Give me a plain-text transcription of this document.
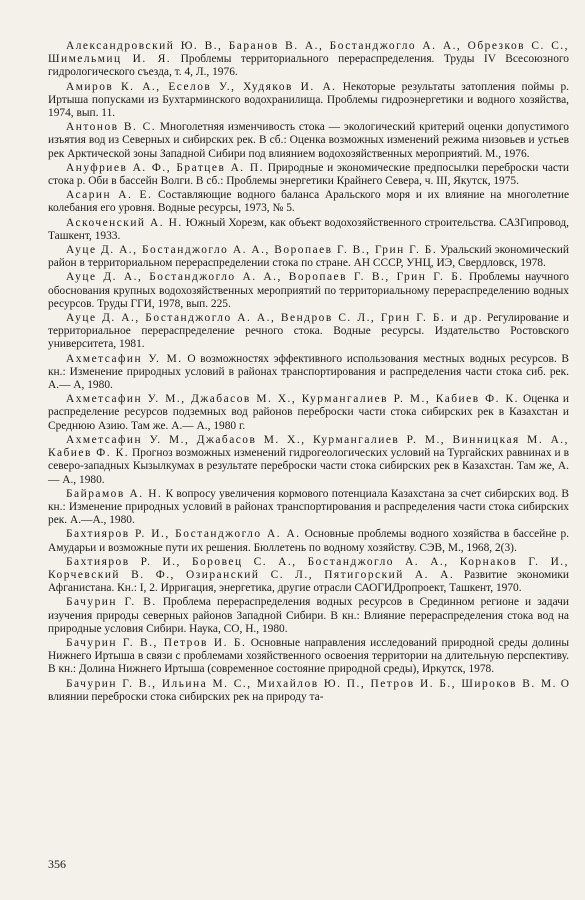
Александровский Ю. В., Баранов В. А., Бостанджогло А. А., Обрезков С. С., Шимельмиц И. Я. Проблемы территориального перераспределения. Труды IV Всесоюзного гидрологического съезда, т. 4, Л., 1976.

Амиров К. А., Еселов У., Худяков И. А. Некоторые результаты затопления поймы р. Иртыша попусками из Бухтарминского водохранилища. Проблемы гидроэнергетики и водного хозяйства, 1974, вып. 11.

Антонов В. С. Многолетняя изменчивость стока — экологический критерий оценки допустимого изъятия вод из Северных и сибирских рек. В сб.: Оценка возможных изменений режима низовьев и устьев рек Арктической зоны Западной Сибири под влиянием водохозяйственных мероприятий. М., 1976.

Ануфриев А. Ф., Братцев А. П. Природные и экономические предпосылки переброски части стока р. Оби в бассейн Волги. В сб.: Проблемы энергетики Крайнего Севера, ч. III, Якутск, 1975.

Асарин А. Е. Составляющие водного баланса Аральского моря и их влияние на многолетние колебания его уровня. Водные ресурсы, 1973, № 5.

Аскоченский А. Н. Южный Хорезм, как объект водохозяйственного строительства. САЗГипровод, Ташкент, 1933.

Ауце Д. А., Бостанджогло А. А., Воропаев Г. В., Грин Г. Б. Уральский экономический район в территориальном перераспределении стока по стране. АН СССР, УНЦ, ИЭ, Свердловск, 1978.

Ауце Д. А., Бостанджогло А. А., Воропаев Г. В., Грин Г. Б. Проблемы научного обоснования крупных водохозяйственных мероприятий по территориальному перераспределению водных ресурсов. Труды ГГИ, 1978, вып. 225.

Ауце Д. А., Бостанджогло А. А., Вендров С. Л., Грин Г. Б. и др. Регулирование и территориальное перераспределение речного стока. Водные ресурсы. Издательство Ростовского университета, 1981.

Ахметсафин У. М. О возможностях эффективного использования местных водных ресурсов. В кн.: Изменение природных условий в районах транспортирования и распределения части стока сиб. рек. А.— А, 1980.

Ахметсафин У. М., Джабасов М. Х., Курмангалиев Р. М., Кабиев Ф. К. Оценка и распределение ресурсов подземных вод районов переброски части стока сибирских рек в Казахстан и Среднюю Азию. Там же. А.— А., 1980 г.

Ахметсафин У. М., Джабасов М. Х., Курмангалиев Р. М., Винницкая М. А., Кабиев Ф. К. Прогноз возможных изменений гидрогеологических условий на Тургайских равнинах и в северо-западных Кызылкумах в результате переброски части стока сибирских рек в Казахстан. Там же, А.— А., 1980.

Байрамов А. Н. К вопросу увеличения кормового потенциала Казахстана за счет сибирских вод. В кн.: Изменение природных условий в районах транспортирования и распределения части стока сибирских рек. А.—А., 1980.

Бахтияров Р. И., Бостанджогло А. А. Основные проблемы водного хозяйства в бассейне р. Амударьи и возможные пути их решения. Бюллетень по водному хозяйству. СЭВ, М., 1968, 2(3).

Бахтияров Р. И., Боровец С. А., Бостанджогло А. А., Корнаков Г. И., Корчевский В. Ф., Озиранский С. Л., Пятигорский А. А. Развитие экономики Афганистана. Кн.: I, 2. Ирригация, энергетика, другие отрасли САОГИДропроект, Ташкент, 1970.

Бачурин Г. В. Проблема перераспределения водных ресурсов в Срединном регионе и задачи изучения природы северных районов Западной Сибири. В кн.: Влияние перераспределения стока вод на природные условия Сибири. Наука, СО, Н., 1980.

Бачурин Г. В., Петров И. Б. Основные направления исследований природной среды долины Нижнего Иртыша в связи с проблемами хозяйственного освоения территории на длительную перспективу. В кн.: Долина Нижнего Иртыша (современное состояние природной среды), Иркутск, 1978.

Бачурин Г. В., Ильина М. С., Михайлов Ю. П., Петров И. Б., Широков В. М. О влиянии переброски стока сибирских рек на природу та-

356
